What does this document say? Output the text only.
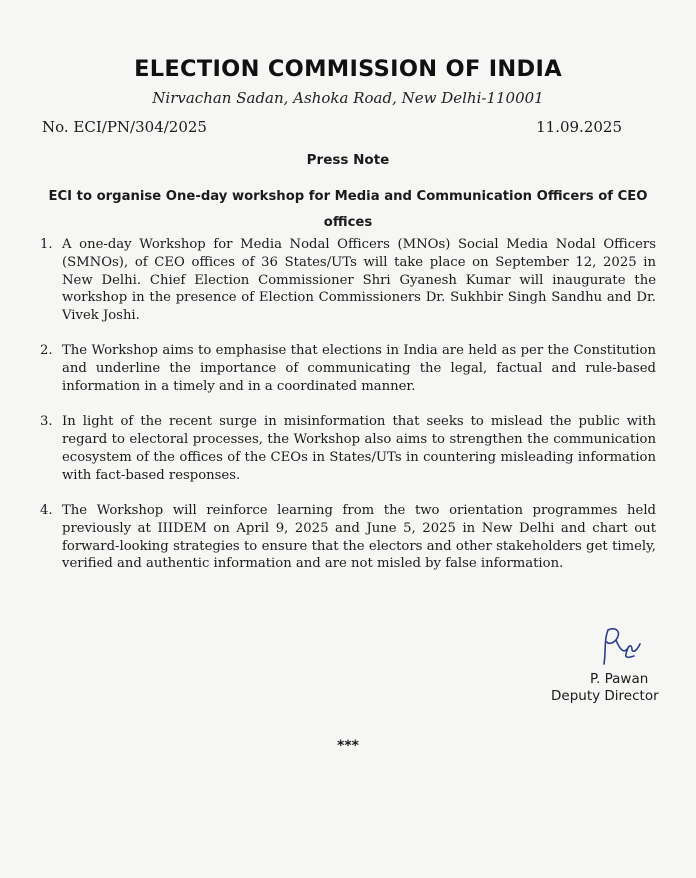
ELECTION COMMISSION OF INDIA
Nirvachan Sadan, Ashoka Road, New Delhi-110001
No. ECI/PN/304/2025	11.09.2025
Press Note
ECI to organise One-day workshop for Media and Communication Officers of CEO offices
1. A one-day Workshop for Media Nodal Officers (MNOs) Social Media Nodal Officers (SMNOs), of CEO offices of 36 States/UTs will take place on September 12, 2025 in New Delhi. Chief Election Commissioner Shri Gyanesh Kumar will inaugurate the workshop in the presence of Election Commissioners Dr. Sukhbir Singh Sandhu and Dr. Vivek Joshi.
2. The Workshop aims to emphasise that elections in India are held as per the Constitution and underline the importance of communicating the legal, factual and rule-based information in a timely and in a coordinated manner.
3. In light of the recent surge in misinformation that seeks to mislead the public with regard to electoral processes, the Workshop also aims to strengthen the communication ecosystem of the offices of the CEOs in States/UTs in countering misleading information with fact-based responses.
4. The Workshop will reinforce learning from the two orientation programmes held previously at IIIDEM on April 9, 2025 and June 5, 2025 in New Delhi and chart out forward-looking strategies to ensure that the electors and other stakeholders get timely, verified and authentic information and are not misled by false information.
P. Pawan
Deputy Director
***
